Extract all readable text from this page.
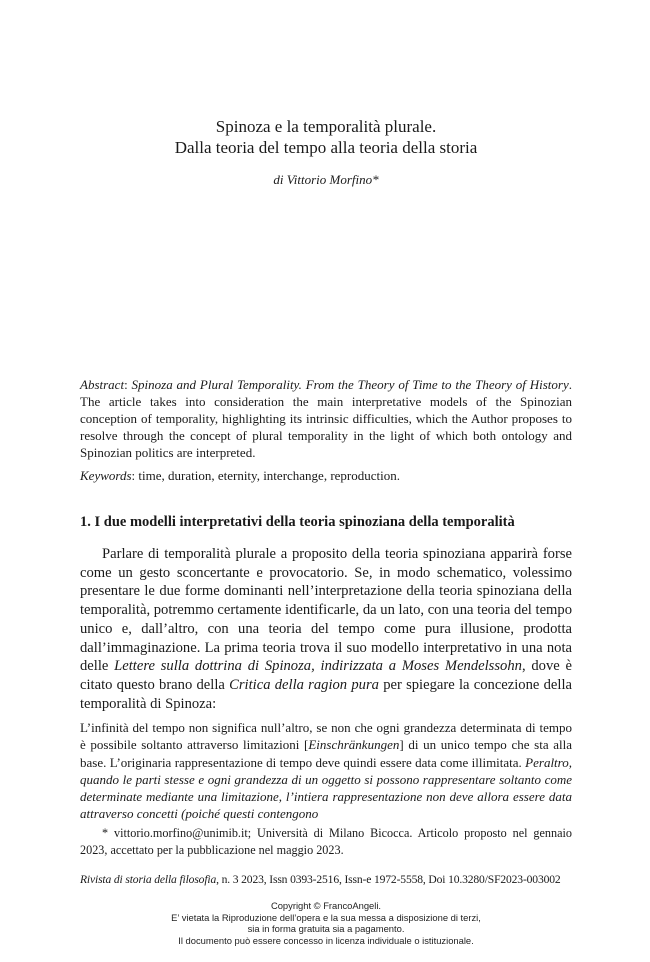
Spinoza e la temporalità plurale.
Dalla teoria del tempo alla teoria della storia
di Vittorio Morfino*

Abstract: Spinoza and Plural Temporality. From the Theory of Time to the Theory of History. The article takes into consideration the main interpretative models of the Spinozian conception of temporality, highlighting its intrinsic difficulties, which the Author proposes to resolve through the concept of plural temporality in the light of which both ontology and Spinozian politics are interpreted.

Keywords: time, duration, eternity, interchange, reproduction.

1. I due modelli interpretativi della teoria spinoziana della temporalità

Parlare di temporalità plurale a proposito della teoria spinoziana apparirà forse come un gesto sconcertante e provocatorio. Se, in modo schematico, volessimo presentare le due forme dominanti nell’interpretazione della teoria spinoziana della temporalità, potremmo certamente identificarle, da un lato, con una teoria del tempo unico e, dall’altro, con una teoria del tempo come pura illusione, prodotta dall’immaginazione. La prima teoria trova il suo modello interpretativo in una nota delle Lettere sulla dottrina di Spinoza, indirizzata a Moses Mendelssohn, dove è citato questo brano della Critica della ragion pura per spiegare la concezione della temporalità di Spinoza:

L’infinità del tempo non significa null’altro, se non che ogni grandezza determinata di tempo è possibile soltanto attraverso limitazioni [Einschränkungen] di un unico tempo che sta alla base. L’originaria rappresentazione di tempo deve quindi essere data come illimitata. Peraltro, quando le parti stesse e ogni grandezza di un oggetto si possono rappresentare soltanto come determinate mediante una limitazione, l’intiera rappresentazione non deve allora essere data attraverso concetti (poiché questi contengono

* vittorio.morfino@unimib.it; Università di Milano Bicocca. Articolo proposto nel gennaio 2023, accettato per la pubblicazione nel maggio 2023.

Rivista di storia della filosofia, n. 3 2023, Issn 0393-2516, Issn-e 1972-5558, Doi 10.3280/SF2023-003002

Copyright © FrancoAngeli.
E’ vietata la Riproduzione dell’opera e la sua messa a disposizione di terzi,
sia in forma gratuita sia a pagamento.
Il documento può essere concesso in licenza individuale o istituzionale.
